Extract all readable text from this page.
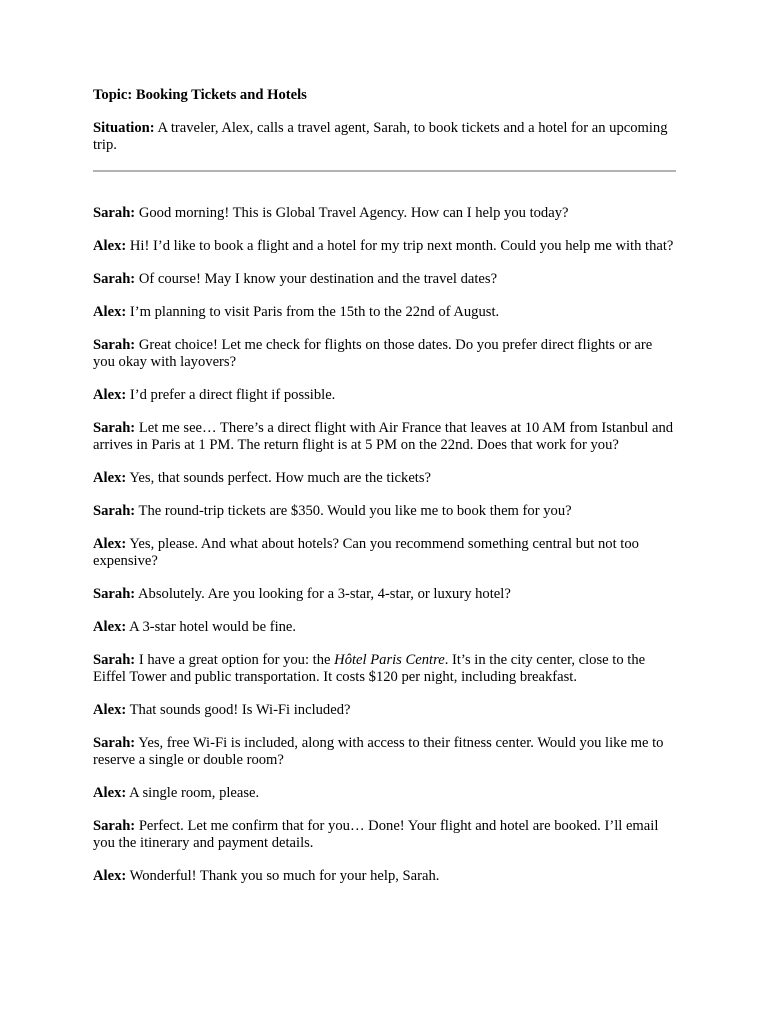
Topic: Booking Tickets and Hotels

Situation: A traveler, Alex, calls a travel agent, Sarah, to book tickets and a hotel for an upcoming trip.

Sarah: Good morning! This is Global Travel Agency. How can I help you today?

Alex: Hi! I’d like to book a flight and a hotel for my trip next month. Could you help me with that?

Sarah: Of course! May I know your destination and the travel dates?

Alex: I’m planning to visit Paris from the 15th to the 22nd of August.

Sarah: Great choice! Let me check for flights on those dates. Do you prefer direct flights or are you okay with layovers?

Alex: I’d prefer a direct flight if possible.

Sarah: Let me see… There’s a direct flight with Air France that leaves at 10 AM from Istanbul and arrives in Paris at 1 PM. The return flight is at 5 PM on the 22nd. Does that work for you?

Alex: Yes, that sounds perfect. How much are the tickets?

Sarah: The round-trip tickets are $350. Would you like me to book them for you?

Alex: Yes, please. And what about hotels? Can you recommend something central but not too expensive?

Sarah: Absolutely. Are you looking for a 3-star, 4-star, or luxury hotel?

Alex: A 3-star hotel would be fine.

Sarah: I have a great option for you: the Hôtel Paris Centre. It’s in the city center, close to the Eiffel Tower and public transportation. It costs $120 per night, including breakfast.

Alex: That sounds good! Is Wi-Fi included?

Sarah: Yes, free Wi-Fi is included, along with access to their fitness center. Would you like me to reserve a single or double room?

Alex: A single room, please.

Sarah: Perfect. Let me confirm that for you… Done! Your flight and hotel are booked. I’ll email you the itinerary and payment details.

Alex: Wonderful! Thank you so much for your help, Sarah.
